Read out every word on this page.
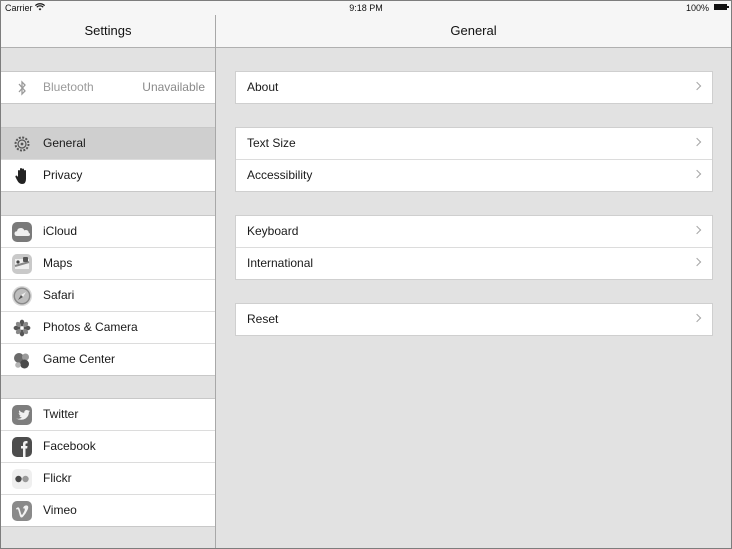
Carrier	9:18 PM	100%
Settings
Bluetooth	Unavailable
General
Privacy
iCloud
Maps
Safari
Photos & Camera
Game Center
Twitter
Facebook
Flickr
Vimeo
General
About
Text Size
Accessibility
Keyboard
International
Reset
